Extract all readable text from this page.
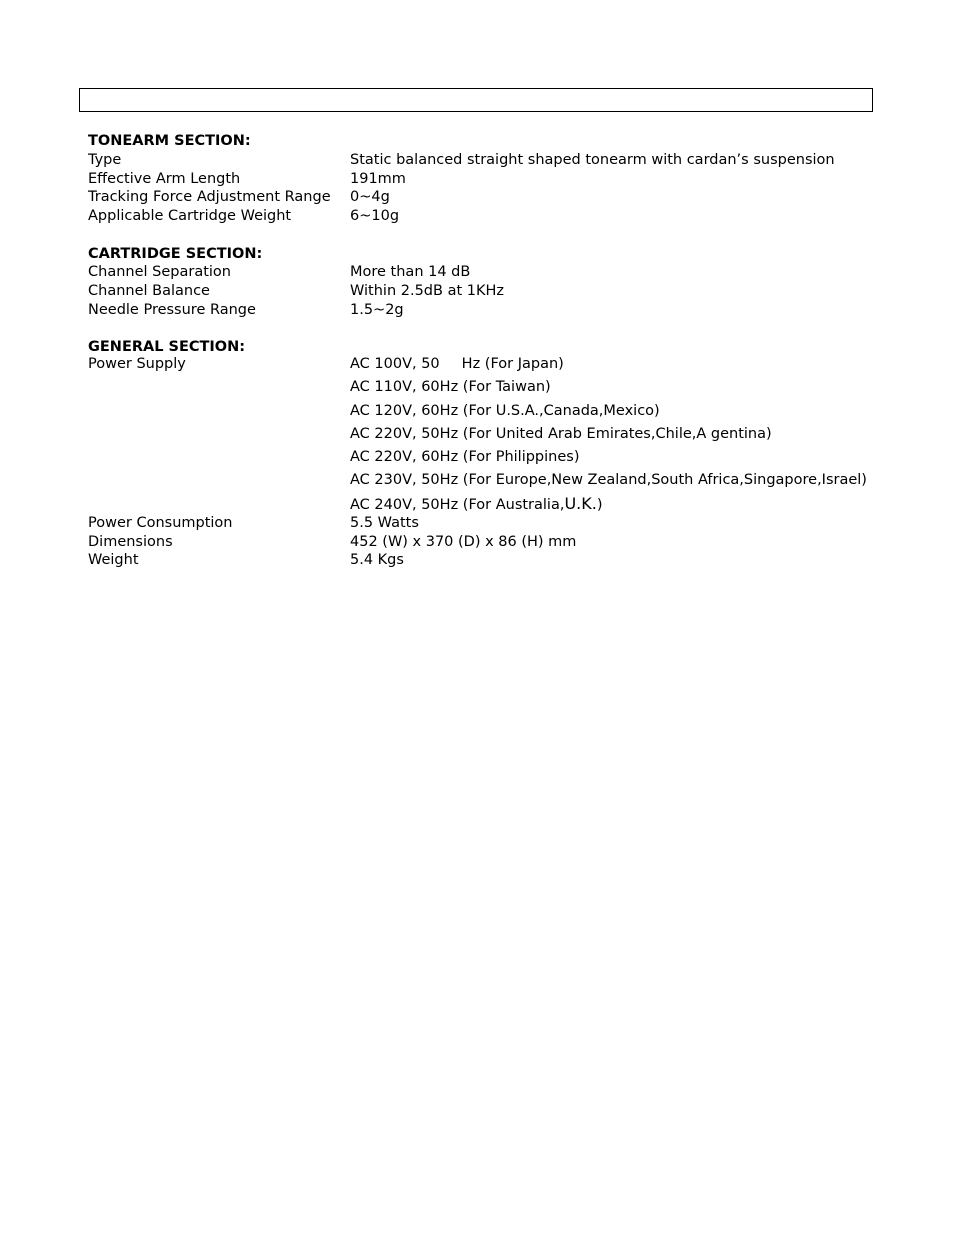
TONEARM SECTION:
Type	Static balanced straight shaped tonearm with cardan’s suspension
Effective Arm Length	191mm
Tracking Force Adjustment Range 0~4g
Applicable Cartridge Weight	6~10g
CARTRIDGE SECTION:
Channel Separation	More than 14 dB
Channel Balance	Within 2.5dB at 1KHz
Needle Pressure Range	1.5~2g
GENERAL SECTION:
Power Supply	AC 100V, 50 Hz (For Japan)
AC 110V, 60Hz (For Taiwan)
AC 120V, 60Hz (For U.S.A.,Canada,Mexico)
AC 220V, 50Hz (For United Arab Emirates,Chile,A gentina)
AC 220V, 60Hz (For Philippines)
AC 230V, 50Hz (For Europe,New Zealand,South Africa,Singapore,Israel)
AC 240V, 50Hz (For Australia,U.K.)
Power Consumption	5.5 Watts
Dimensions	452 (W) x 370 (D) x 86 (H) mm
Weight	5.4 Kgs
